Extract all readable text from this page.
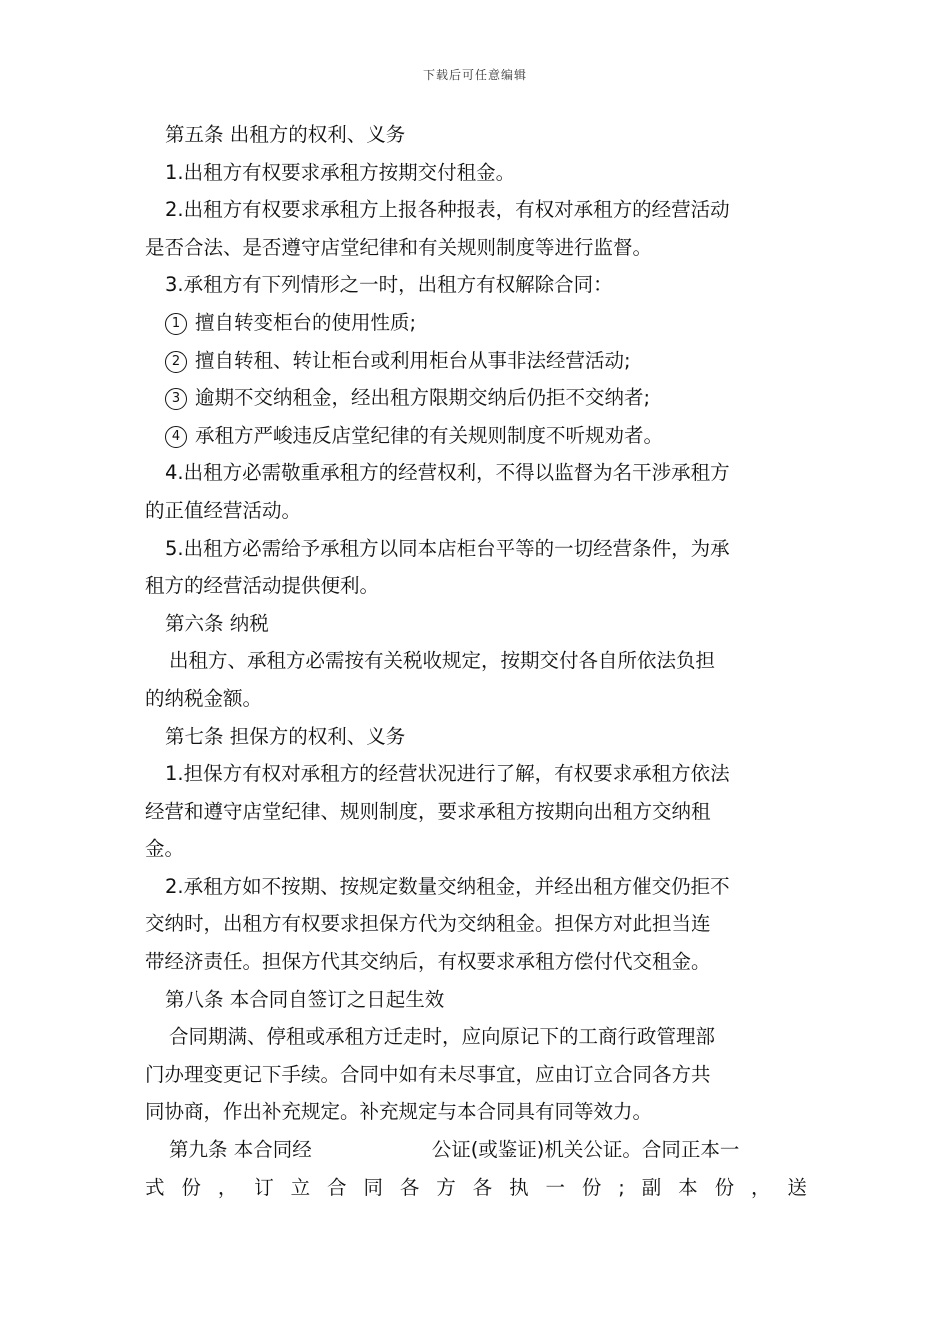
下载后可任意编辑

第五条 出租方的权利、义务

1.出租方有权要求承租方按期交付租金。

2.出租方有权要求承租方上报各种报表，有权对承租方的经营活动

是否合法、是否遵守店堂纪律和有关规则制度等进行监督。

3.承租方有下列情形之一时，出租方有权解除合同：

1 擅自转变柜台的使用性质;

2 擅自转租、转让柜台或利用柜台从事非法经营活动;

3 逾期不交纳租金，经出租方限期交纳后仍拒不交纳者;

4 承租方严峻违反店堂纪律的有关规则制度不听规劝者。

4.出租方必需敬重承租方的经营权利，不得以监督为名干涉承租方

的正值经营活动。

5.出租方必需给予承租方以同本店柜台平等的一切经营条件，为承

租方的经营活动提供便利。

第六条 纳税

出租方、承租方必需按有关税收规定，按期交付各自所依法负担

的纳税金额。

第七条 担保方的权利、义务

1.担保方有权对承租方的经营状况进行了解，有权要求承租方依法

经营和遵守店堂纪律、规则制度，要求承租方按期向出租方交纳租

金。

2.承租方如不按期、按规定数量交纳租金，并经出租方催交仍拒不

交纳时，出租方有权要求担保方代为交纳租金。担保方对此担当连

带经济责任。担保方代其交纳后，有权要求承租方偿付代交租金。

第八条 本合同自签订之日起生效

合同期满、停租或承租方迁走时，应向原记下的工商行政管理部

门办理变更记下手续。合同中如有未尽事宜，应由订立合同各方共

同协商，作出补充规定。补充规定与本合同具有同等效力。

第九条 本合同经	公证(或鉴证)机关公证。合同正本一

式 份 ， 订 立 合 同 各 方 各 执 一 份 ; 副 本 份 ， 送
